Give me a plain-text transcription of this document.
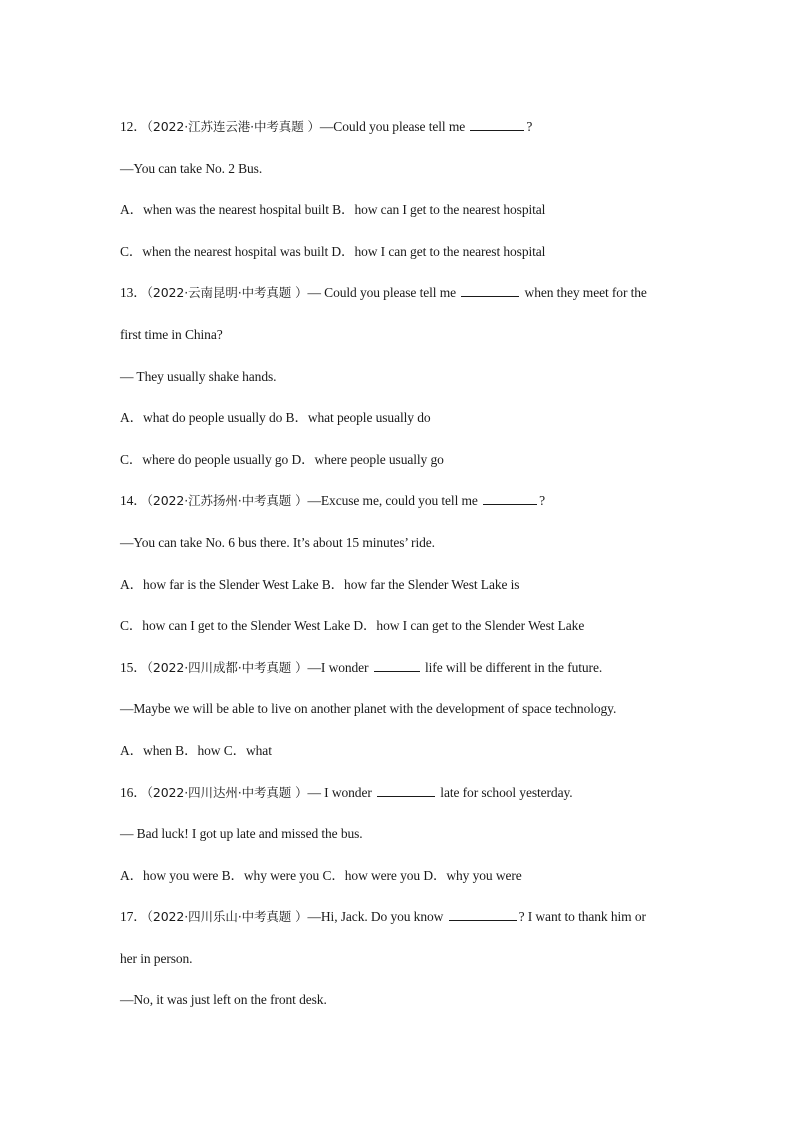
12．（2022·江苏连云港·中考真题 ）—Could you please tell me	?
—You can take No. 2 Bus.
A．when was the nearest hospital built B．how can I get to the nearest hospital
C．when the nearest hospital was built D．how I can get to the nearest hospital
13．（2022·云南昆明·中考真题 ）— Could you please tell me	when they meet for the
first time in China?
— They usually shake hands.
A．what do people usually do B．what people usually do
C．where do people usually go D．where people usually go
14．（2022·江苏扬州·中考真题 ）—Excuse me, could you tell me	?
—You can take No. 6 bus there. It’s about 15 minutes’ ride.
A．how far is the Slender West Lake B．how far the Slender West Lake is
C．how can I get to the Slender West Lake D．how I can get to the Slender West Lake
15．（2022·四川成都·中考真题 ）—I wonder	life will be different in the future.
—Maybe we will be able to live on another planet with the development of space technology.
A．when B．how C．what
16．（2022·四川达州·中考真题 ）— I wonder	late for school yesterday.
— Bad luck! I got up late and missed the bus.
A．how you were B．why were you C．how were you D．why you were
17．（2022·四川乐山·中考真题 ）—Hi, Jack. Do you know	? I want to thank him or
her in person.
—No, it was just left on the front desk.
